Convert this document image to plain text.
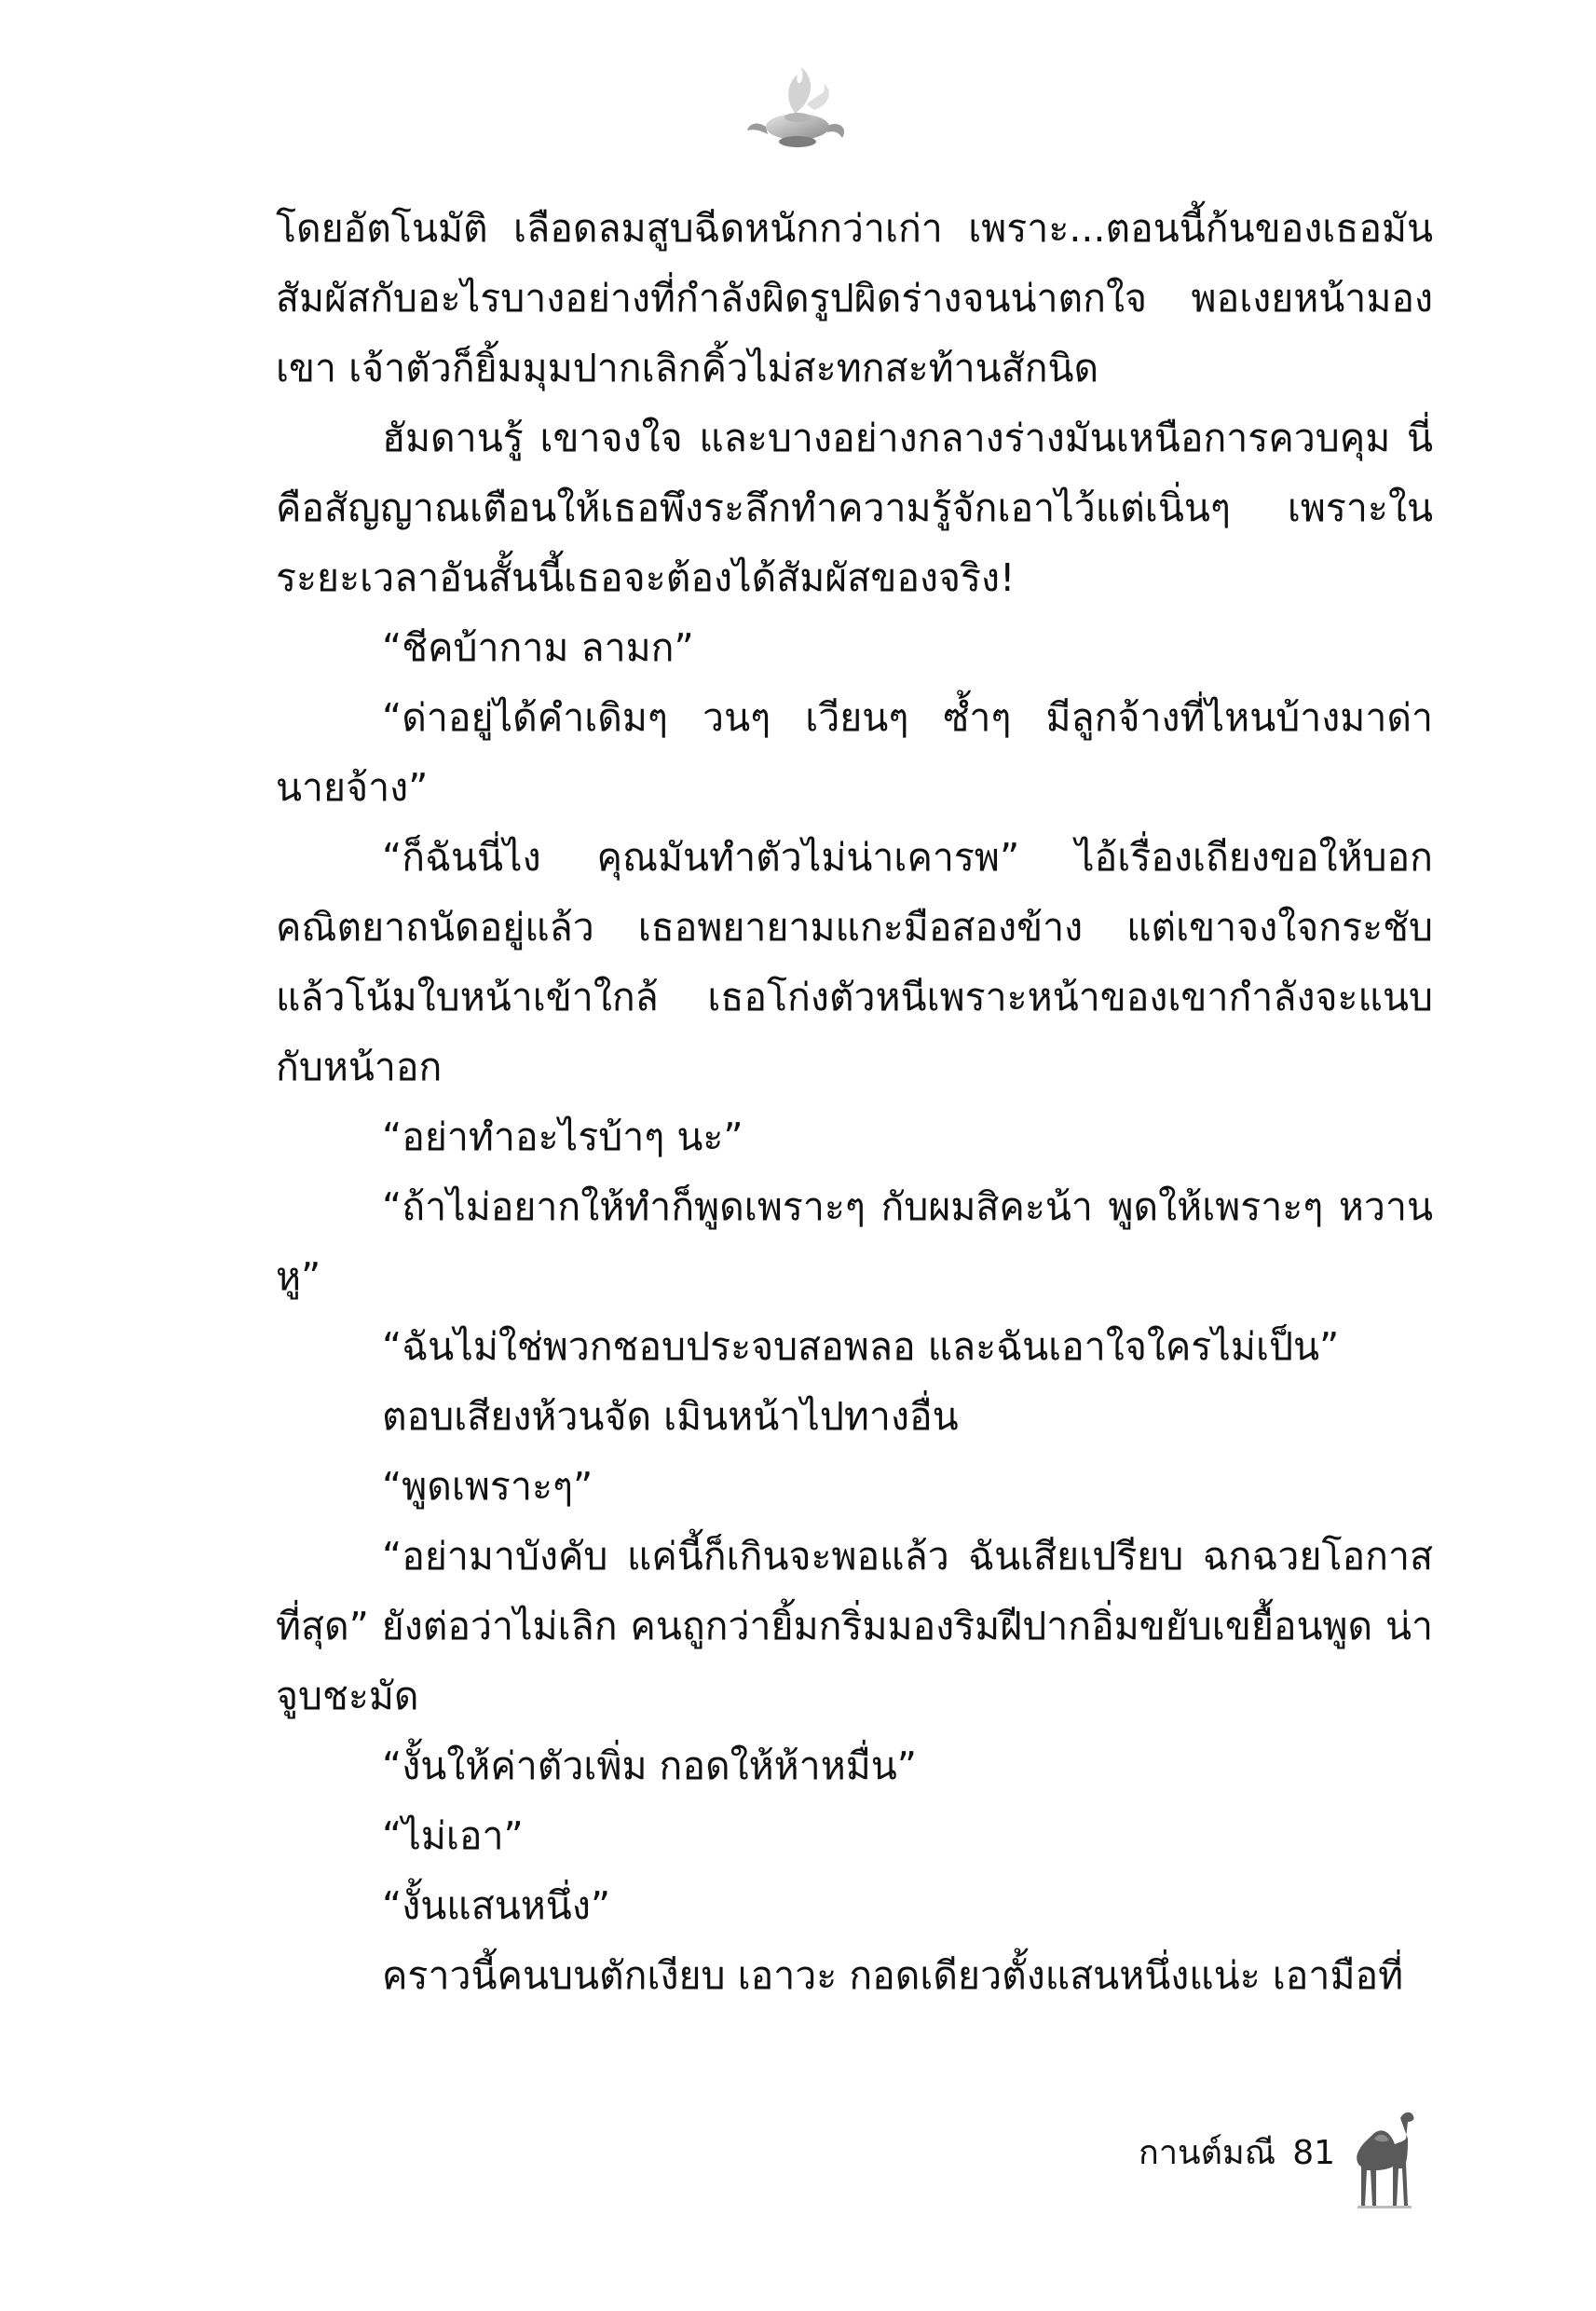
โดยอัตโนมัติ เลือดลมสูบฉีดหนักกว่าเก่า เพราะ...ตอนนี้ก้นของเธอมันสัมผัสกับอะไรบางอย่างที่กำลังผิดรูปผิดร่างจนน่าตกใจ พอเงยหน้ามองเขา เจ้าตัวก็ยิ้มมุมปากเลิกคิ้วไม่สะทกสะท้านสักนิด

ฮัมดานรู้ เขาจงใจ และบางอย่างกลางร่างมันเหนือการควบคุม นี่คือสัญญาณเตือนให้เธอพึงระลึกทำความรู้จักเอาไว้แต่เนิ่นๆ เพราะในระยะเวลาอันสั้นนี้เธอจะต้องได้สัมผัสของจริง!

“ชีคบ้ากาม ลามก”

“ด่าอยู่ได้คำเดิมๆ วนๆ เวียนๆ ซ้ำๆ มีลูกจ้างที่ไหนบ้างมาด่านายจ้าง”

“ก็ฉันนี่ไง คุณมันทำตัวไม่น่าเคารพ” ไอ้เรื่องเถียงขอให้บอก คณิตยาถนัดอยู่แล้ว เธอพยายามแกะมือสองข้าง แต่เขาจงใจกระชับแล้วโน้มใบหน้าเข้าใกล้ เธอโก่งตัวหนีเพราะหน้าของเขากำลังจะแนบกับหน้าอก

“อย่าทำอะไรบ้าๆ นะ”

“ถ้าไม่อยากให้ทำก็พูดเพราะๆ กับผมสิคะน้า พูดให้เพราะๆ หวานหู”

“ฉันไม่ใช่พวกชอบประจบสอพลอ และฉันเอาใจใครไม่เป็น”

ตอบเสียงห้วนจัด เมินหน้าไปทางอื่น

“พูดเพราะๆ”

“อย่ามาบังคับ แค่นี้ก็เกินจะพอแล้ว ฉันเสียเปรียบ ฉกฉวยโอกาสที่สุด” ยังต่อว่าไม่เลิก คนถูกว่ายิ้มกริ่มมองริมฝีปากอิ่มขยับเขยื้อนพูด น่าจูบชะมัด

“งั้นให้ค่าตัวเพิ่ม กอดให้ห้าหมื่น”

“ไม่เอา”

“งั้นแสนหนึ่ง”

คราวนี้คนบนตักเงียบ เอาวะ กอดเดียวตั้งแสนหนึ่งแน่ะ เอามือที่

กานต์มณี 81
